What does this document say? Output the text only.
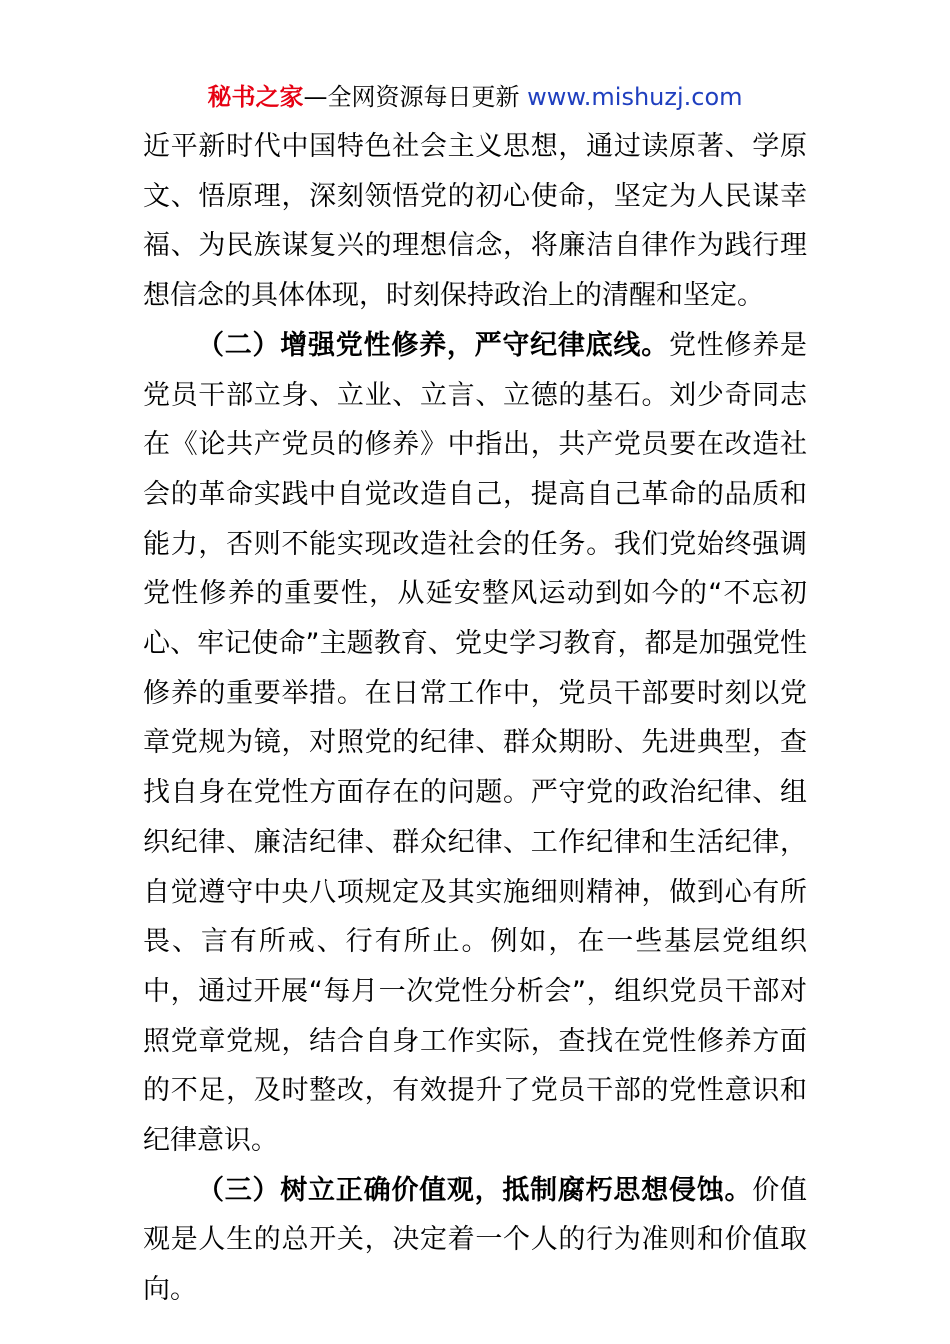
秘书之家—全网资源每日更新 www.mishuzj.com

近平新时代中国特色社会主义思想，通过读原著、学原文、悟原理，深刻领悟党的初心使命，坚定为人民谋幸福、为民族谋复兴的理想信念，将廉洁自律作为践行理想信念的具体体现，时刻保持政治上的清醒和坚定。

（二）增强党性修养，严守纪律底线。党性修养是党员干部立身、立业、立言、立德的基石。刘少奇同志在《论共产党员的修养》中指出，共产党员要在改造社会的革命实践中自觉改造自己，提高自己革命的品质和能力，否则不能实现改造社会的任务。我们党始终强调党性修养的重要性，从延安整风运动到如今的“不忘初心、牢记使命”主题教育、党史学习教育，都是加强党性修养的重要举措。在日常工作中，党员干部要时刻以党章党规为镜，对照党的纪律、群众期盼、先进典型，查找自身在党性方面存在的问题。严守党的政治纪律、组织纪律、廉洁纪律、群众纪律、工作纪律和生活纪律，自觉遵守中央八项规定及其实施细则精神，做到心有所畏、言有所戒、行有所止。例如，在一些基层党组织中，通过开展“每月一次党性分析会”，组织党员干部对照党章党规，结合自身工作实际，查找在党性修养方面的不足，及时整改，有效提升了党员干部的党性意识和纪律意识。

（三）树立正确价值观，抵制腐朽思想侵蚀。价值观是人生的总开关，决定着一个人的行为准则和价值取向。
